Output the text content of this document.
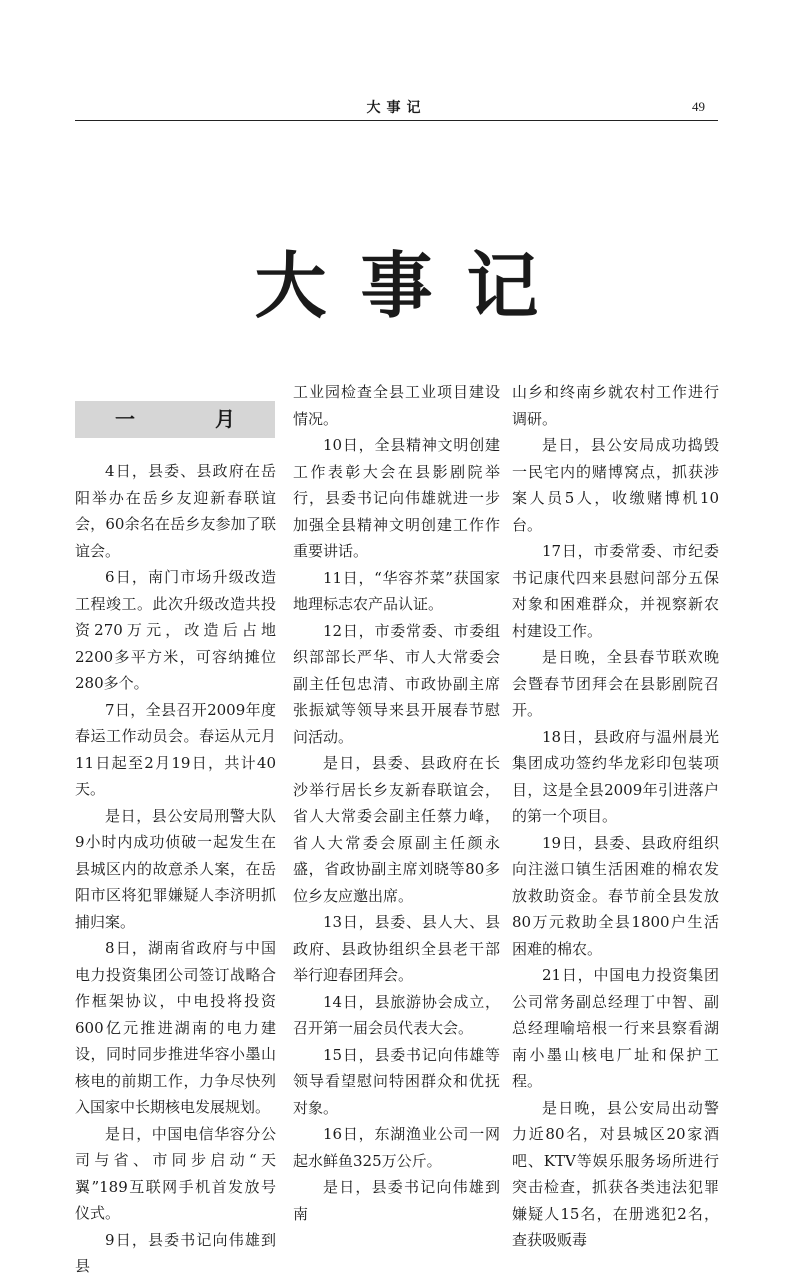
大事记	49
大事记
一　月

4日，县委、县政府在岳阳举办在岳乡友迎新春联谊会，60余名在岳乡友参加了联谊会。

6日，南门市场升级改造工程竣工。此次升级改造共投资270万元，改造后占地2200多平方米，可容纳摊位280多个。

7日，全县召开2009年度春运工作动员会。春运从元月11日起至2月19日，共计40天。

是日，县公安局刑警大队9小时内成功侦破一起发生在县城区内的故意杀人案，在岳阳市区将犯罪嫌疑人李济明抓捕归案。

8日，湖南省政府与中国电力投资集团公司签订战略合作框架协议，中电投将投资600亿元推进湖南的电力建设，同时同步推进华容小墨山核电的前期工作，力争尽快列入国家中长期核电发展规划。

是日，中国电信华容分公司与省、市同步启动“天翼”189互联网手机首发放号仪式。

9日，县委书记向伟雄到县

工业园检查全县工业项目建设情况。

10日，全县精神文明创建工作表彰大会在县影剧院举行，县委书记向伟雄就进一步加强全县精神文明创建工作作重要讲话。

11日，“华容芥菜”获国家地理标志农产品认证。

12日，市委常委、市委组织部部长严华、市人大常委会副主任包忠清、市政协副主席张振斌等领导来县开展春节慰问活动。

是日，县委、县政府在长沙举行居长乡友新春联谊会，省人大常委会副主任蔡力峰，省人大常委会原副主任颜永盛，省政协副主席刘晓等80多位乡友应邀出席。

13日，县委、县人大、县政府、县政协组织全县老干部举行迎春团拜会。

14日，县旅游协会成立，召开第一届会员代表大会。

15日，县委书记向伟雄等领导看望慰问特困群众和优抚对象。

16日，东湖渔业公司一网起水鲜鱼325万公斤。

是日，县委书记向伟雄到南

山乡和终南乡就农村工作进行调研。

是日，县公安局成功捣毁一民宅内的赌博窝点，抓获涉案人员5人，收缴赌博机10台。

17日，市委常委、市纪委书记康代四来县慰问部分五保对象和困难群众，并视察新农村建设工作。

是日晚，全县春节联欢晚会暨春节团拜会在县影剧院召开。

18日，县政府与温州晨光集团成功签约华龙彩印包装项目，这是全县2009年引进落户的第一个项目。

19日，县委、县政府组织向注滋口镇生活困难的棉农发放救助资金。春节前全县发放80万元救助全县1800户生活困难的棉农。

21日，中国电力投资集团公司常务副总经理丁中智、副总经理喻培根一行来县察看湖南小墨山核电厂址和保护工程。

是日晚，县公安局出动警力近80名，对县城区20家酒吧、KTV等娱乐服务场所进行突击检查，抓获各类违法犯罪嫌疑人15名，在册逃犯2名，查获吸贩毒
